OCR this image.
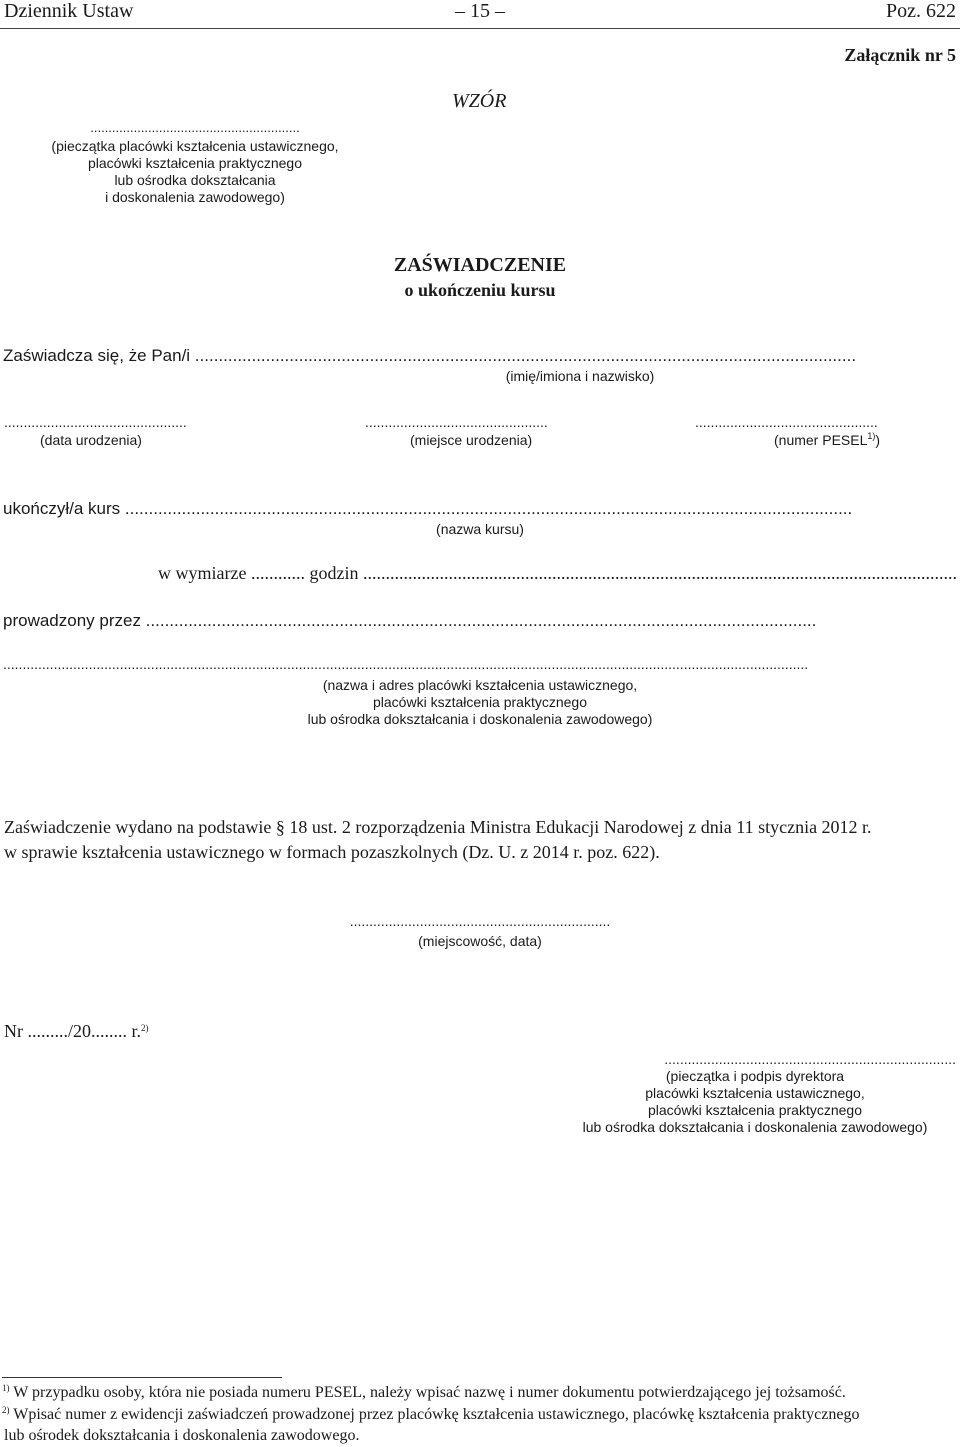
Dziennik Ustaw	– 15 –	Poz. 622
Załącznik nr 5
WZÓR
..........................................................
(pieczątka placówki kształcenia ustawicznego,
placówki kształcenia praktycznego
lub ośrodka dokształcania
i doskonalenia zawodowego)
ZAŚWIADCZENIE
o ukończeniu kursu
Zaświadcza się, że Pan/i ............................................................................................................................................
(imię/imiona i nazwisko)
...............................................	...............................................	...............................................
(data urodzenia)	(miejsce urodzenia)	(numer PESEL$^{1)}$)
ukończył/a kurs ..........................................................................................................................................................
(nazwa kursu)
.................................................................................................................................... w wymiarze ............ godzin
prowadzony przez ..............................................................................................................................................
...............................................................................................................................................................................................................
(nazwa i adres placówki kształcenia ustawicznego,
placówki kształcenia praktycznego
lub ośrodka dokształcania i doskonalenia zawodowego)
Zaświadczenie wydano na podstawie § 18 ust. 2 rozporządzenia Ministra Edukacji Narodowej z dnia 11 stycznia 2012 r.
w sprawie kształcenia ustawicznego w formach pozaszkolnych (Dz. U. z 2014 r. poz. 622).
...................................................................
(miejscowość, data)
Nr ........./20........ r.$^{2)}$
...........................................................................
(pieczątka i podpis dyrektora
placówki kształcenia ustawicznego,
placówki kształcenia praktycznego
lub ośrodka dokształcania i doskonalenia zawodowego)
$^{1)}$ W przypadku osoby, która nie posiada numeru PESEL, należy wpisać nazwę i numer dokumentu potwierdzającego jej tożsamość.
$^{2)}$ Wpisać numer z ewidencji zaświadczeń prowadzonej przez placówkę kształcenia ustawicznego, placówkę kształcenia praktycznego
lub ośrodek dokształcania i doskonalenia zawodowego.
